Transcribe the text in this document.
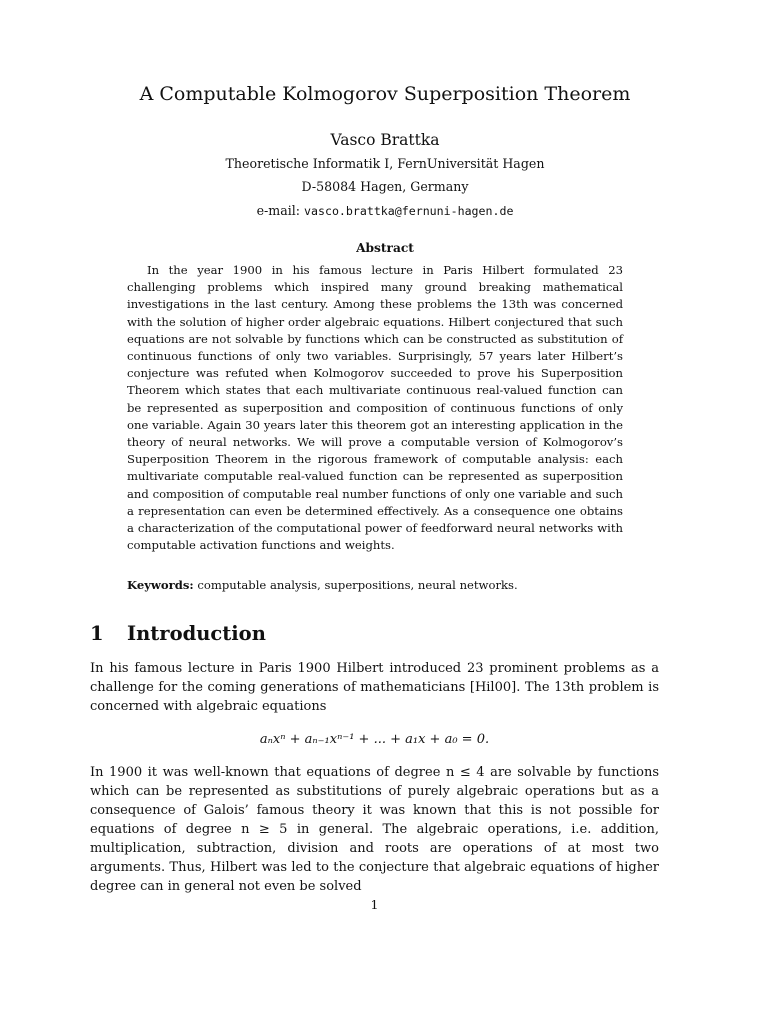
A Computable Kolmogorov Superposition Theorem
Vasco Brattka
Theoretische Informatik I, FernUniversität Hagen
D-58084 Hagen, Germany
e-mail: vasco.brattka@fernuni-hagen.de
Abstract
In the year 1900 in his famous lecture in Paris Hilbert formulated 23 challenging problems which inspired many ground breaking mathematical investigations in the last century. Among these problems the 13th was concerned with the solution of higher order algebraic equations. Hilbert conjectured that such equations are not solvable by functions which can be constructed as substitution of continuous functions of only two variables. Surprisingly, 57 years later Hilbert’s conjecture was refuted when Kolmogorov succeeded to prove his Superposition Theorem which states that each multivariate continuous real-valued function can be represented as superposition and composition of continuous functions of only one variable. Again 30 years later this theorem got an interesting application in the theory of neural networks. We will prove a computable version of Kolmogorov’s Superposition Theorem in the rigorous framework of computable analysis: each multivariate computable real-valued function can be represented as superposition and composition of computable real number functions of only one variable and such a representation can even be determined effectively. As a consequence one obtains a characterization of the computational power of feedforward neural networks with computable activation functions and weights.
Keywords: computable analysis, superpositions, neural networks.
1 Introduction
In his famous lecture in Paris 1900 Hilbert introduced 23 prominent problems as a challenge for the coming generations of mathematicians [Hil00]. The 13th problem is concerned with algebraic equations
aₙxⁿ + aₙ₋₁xⁿ⁻¹ + ... + a₁x + a₀ = 0.
In 1900 it was well-known that equations of degree n ≤ 4 are solvable by functions which can be represented as substitutions of purely algebraic operations but as a consequence of Galois’ famous theory it was known that this is not possible for equations of degree n ≥ 5 in general. The algebraic operations, i.e. addition, multiplication, subtraction, division and roots are operations of at most two arguments. Thus, Hilbert was led to the conjecture that algebraic equations of higher degree can in general not even be solved
1
